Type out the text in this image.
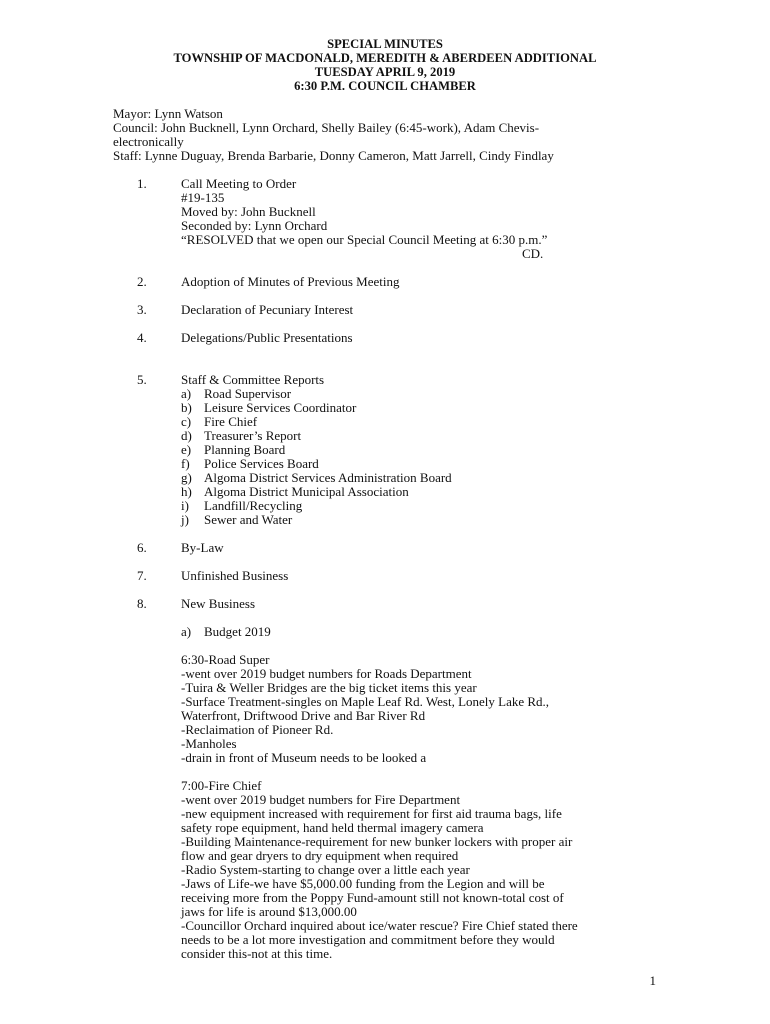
SPECIAL MINUTES
TOWNSHIP OF MACDONALD, MEREDITH & ABERDEEN ADDITIONAL
TUESDAY APRIL 9, 2019
6:30 P.M. COUNCIL CHAMBER
Mayor: Lynn Watson
Council: John Bucknell, Lynn Orchard, Shelly Bailey (6:45-work), Adam Chevis-
electronically
Staff: Lynne Duguay, Brenda Barbarie, Donny Cameron, Matt Jarrell, Cindy Findlay
1.	Call Meeting to Order
#19-135
Moved by: John Bucknell
Seconded by: Lynn Orchard
“RESOLVED that we open our Special Council Meeting at 6:30 p.m.”
CD.
2.	Adoption of Minutes of Previous Meeting
3.	Declaration of Pecuniary Interest
4.	Delegations/Public Presentations
5.	Staff & Committee Reports
a) Road Supervisor
b) Leisure Services Coordinator
c) Fire Chief
d) Treasurer’s Report
e) Planning Board
f) Police Services Board
g) Algoma District Services Administration Board
h) Algoma District Municipal Association
i) Landfill/Recycling
j) Sewer and Water
6.	By-Law
7.	Unfinished Business
8.	New Business
a) Budget 2019
6:30-Road Super
-went over 2019 budget numbers for Roads Department
-Tuira & Weller Bridges are the big ticket items this year
-Surface Treatment-singles on Maple Leaf Rd. West, Lonely Lake Rd.,
Waterfront, Driftwood Drive and Bar River Rd
-Reclaimation of Pioneer Rd.
-Manholes
-drain in front of Museum needs to be looked a
7:00-Fire Chief
-went over 2019 budget numbers for Fire Department
-new equipment increased with requirement for first aid trauma bags, life
safety rope equipment, hand held thermal imagery camera
-Building Maintenance-requirement for new bunker lockers with proper air
flow and gear dryers to dry equipment when required
-Radio System-starting to change over a little each year
-Jaws of Life-we have $5,000.00 funding from the Legion and will be
receiving more from the Poppy Fund-amount still not known-total cost of
jaws for life is around $13,000.00
-Councillor Orchard inquired about ice/water rescue? Fire Chief stated there
needs to be a lot more investigation and commitment before they would
consider this-not at this time.
1
